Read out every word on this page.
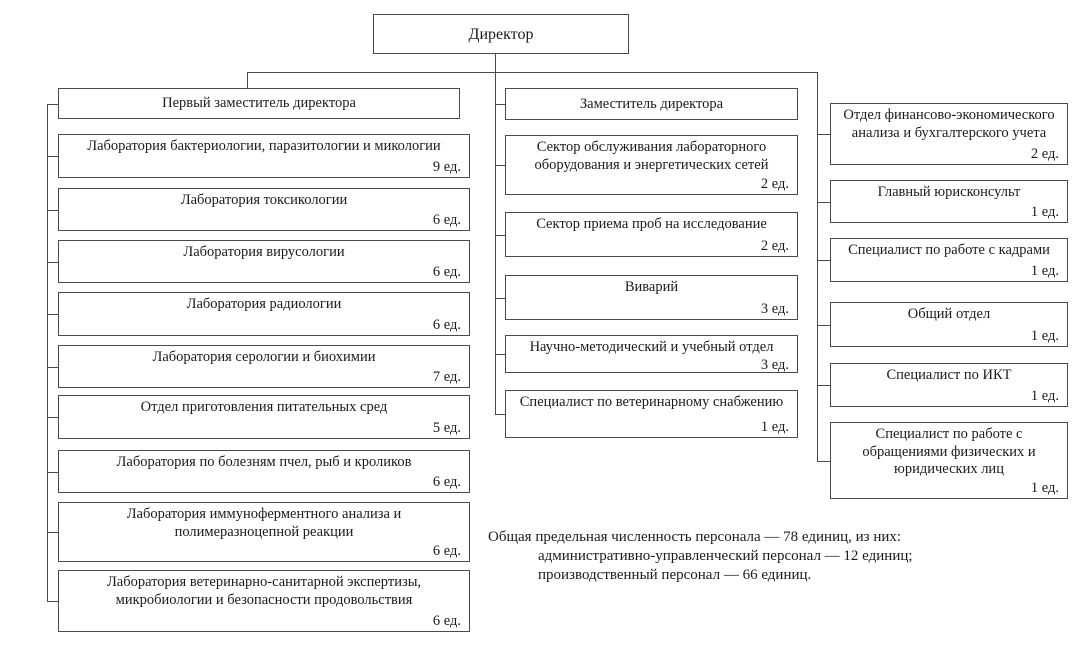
Директор
Общая предельная численность персонала — 78 единиц, из них:
административно-управленческий персонал — 12 единиц;
производственный персонал — 66 единиц.
Первый заместитель директора
Лаборатория бактериологии, паразитологии и микологии
9 ед.
Лаборатория токсикологии
6 ед.
Лаборатория вирусологии
6 ед.
Лаборатория радиологии
6 ед.
Лаборатория серологии и биохимии
7 ед.
Отдел приготовления питательных сред
5 ед.
Лаборатория по болезням пчел, рыб и кроликов
6 ед.
Лаборатория иммуноферментного анализа и полимеразноцепной реакции
6 ед.
Лаборатория ветеринарно-санитарной экспертизы, микробиологии и безопасности продовольствия
6 ед.
Заместитель директора
Сектор обслуживания лабораторного оборудования и энергетических сетей
2 ед.
Сектор приема проб на исследование
2 ед.
Виварий
3 ед.
Научно-методический и учебный отдел
3 ед.
Специалист по ветеринарному снабжению
1 ед.
Отдел финансово-экономического анализа и бухгалтерского учета
2 ед.
Главный юрисконсульт
1 ед.
Специалист по работе с кадрами
1 ед.
Общий отдел
1 ед.
Специалист по ИКТ
1 ед.
Специалист по работе с обращениями физических и юридических лиц
1 ед.
